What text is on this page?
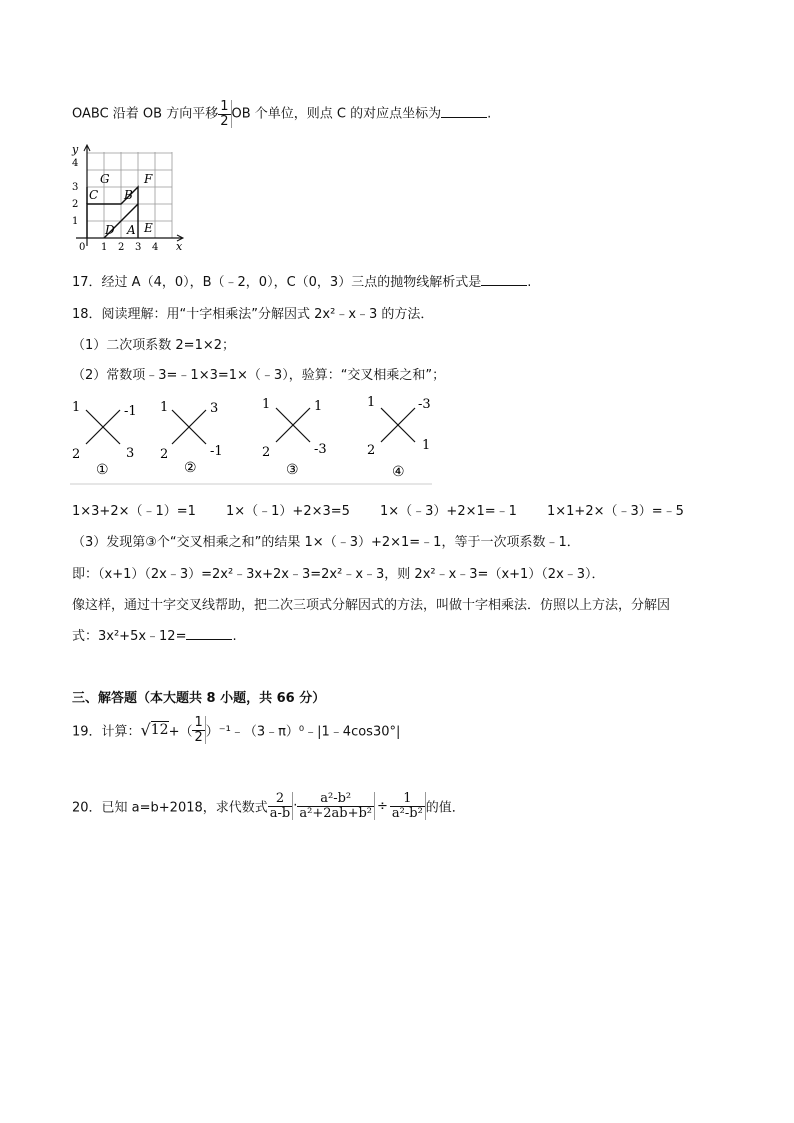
OABC 沿着 OB 方向平移 $\frac{1}{2}$ OB 个单位，则点 C 的对应点坐标为	.
y
x
0 1 2 3 4
1
2
3
4
G	F
C B
D A E
17．经过 A（4，0），B（﹣2，0），C（0，3）三点的抛物线解析式是	.
18．阅读理解：用“十字相乘法”分解因式 2x²﹣x﹣3 的方法．
（1）二次项系数 2=1×2；
（2）常数项﹣3=﹣1×3=1×（﹣3），验算：“交叉相乘之和”；
1	-1
2	3
①
1	3
2	-1
②
1	1
2	-3
③
1	-3
2	1
④
1×3+2×（﹣1）=1 1×（﹣1）+2×3=5 1×（﹣3）+2×1=﹣1 1×1+2×（﹣3）=﹣5
（3）发现第③个“交叉相乘之和”的结果 1×（﹣3）+2×1=﹣1，等于一次项系数﹣1．
即：（x+1）（2x﹣3）=2x²﹣3x+2x﹣3=2x²﹣x﹣3，则 2x²﹣x﹣3=（x+1）（2x﹣3）．
像这样，通过十字交叉线帮助，把二次三项式分解因式的方法，叫做十字相乘法．仿照以上方法，分解因
式：3x²+5x﹣12=	.
三、解答题（本大题共 8 小题，共 66 分）
19．计算：$√12+( \frac{1}{2}$ ）⁻¹﹣（3﹣π）⁰﹣|1﹣4cos30°|
20．已知 a=b+2018，求代数式 $\frac{2}{a-b} \cdot \frac{\text{a²-b²}}{\text{a²+2ab+b²}} \div \frac{1}{\text{a²-b²}}$ 的值．
